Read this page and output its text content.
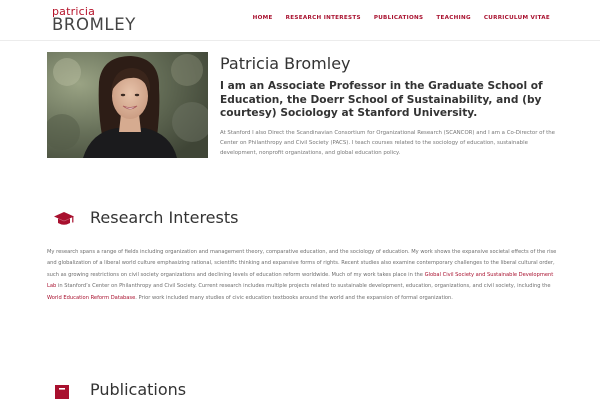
patricia
BROMLEY	HOME RESEARCH INTERESTS PUBLICATIONS TEACHING CURRICULUM VITAE
Patricia Bromley

I am an Associate Professor in the Graduate School of Education, the Doerr School of Sustainability, and (by courtesy) Sociology at Stanford University.

At Stanford I also Direct the Scandinavian Consortium for Organizational Research (SCANCOR) and I am a Co-Director of the Center on Philanthropy and Civil Society (PACS). I teach courses related to the sociology of education, sustainable development, nonprofit organizations, and global education policy.

Research Interests

My research spans a range of fields including organization and management theory, comparative education, and the sociology of education. My work shows the expansive societal effects of the rise and globalization of a liberal world culture emphasizing rational, scientific thinking and expansive forms of rights. Recent studies also examine contemporary challenges to the liberal cultural order, such as growing restrictions on civil society organizations and declining levels of education reform worldwide. Much of my work takes place in the Global Civil Society and Sustainable Development Lab in Stanford’s Center on Philanthropy and Civil Society. Current research includes multiple projects related to sustainable development, education, organizations, and civil society, including the World Education Reform Database. Prior work included many studies of civic education textbooks around the world and the expansion of formal organization.

Publications
